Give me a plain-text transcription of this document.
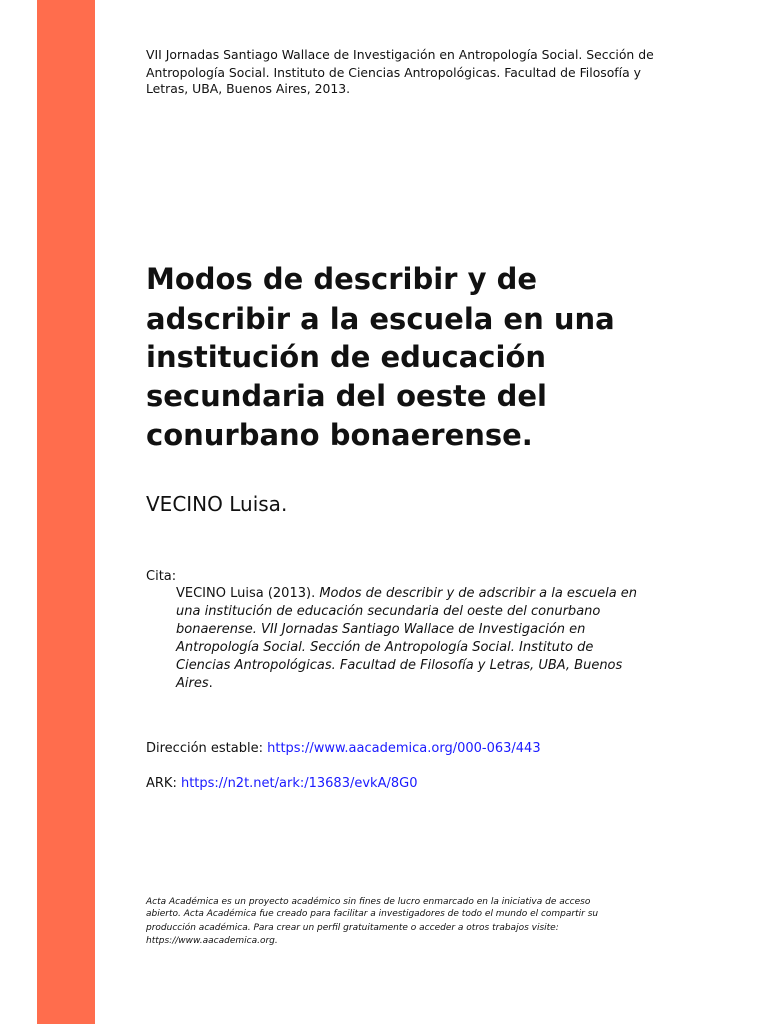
VII Jornadas Santiago Wallace de Investigación en Antropología Social. Sección de
Antropología Social. Instituto de Ciencias Antropológicas. Facultad de Filosofía y
Letras, UBA, Buenos Aires, 2013.
Modos de describir y de
adscribir a la escuela en una
institución de educación
secundaria del oeste del
conurbano bonaerense.
VECINO Luisa.
Cita:
VECINO Luisa (2013). Modos de describir y de adscribir a la escuela en
una institución de educación secundaria del oeste del conurbano
bonaerense. VII Jornadas Santiago Wallace de Investigación en
Antropología Social. Sección de Antropología Social. Instituto de
Ciencias Antropológicas. Facultad de Filosofía y Letras, UBA, Buenos
Aires.
Dirección estable: https://www.aacademica.org/000-063/443
ARK: https://n2t.net/ark:/13683/evkA/8G0
Acta Académica es un proyecto académico sin fines de lucro enmarcado en la iniciativa de acceso
abierto. Acta Académica fue creado para facilitar a investigadores de todo el mundo el compartir su
producción académica. Para crear un perfil gratuitamente o acceder a otros trabajos visite:
https://www.aacademica.org.
